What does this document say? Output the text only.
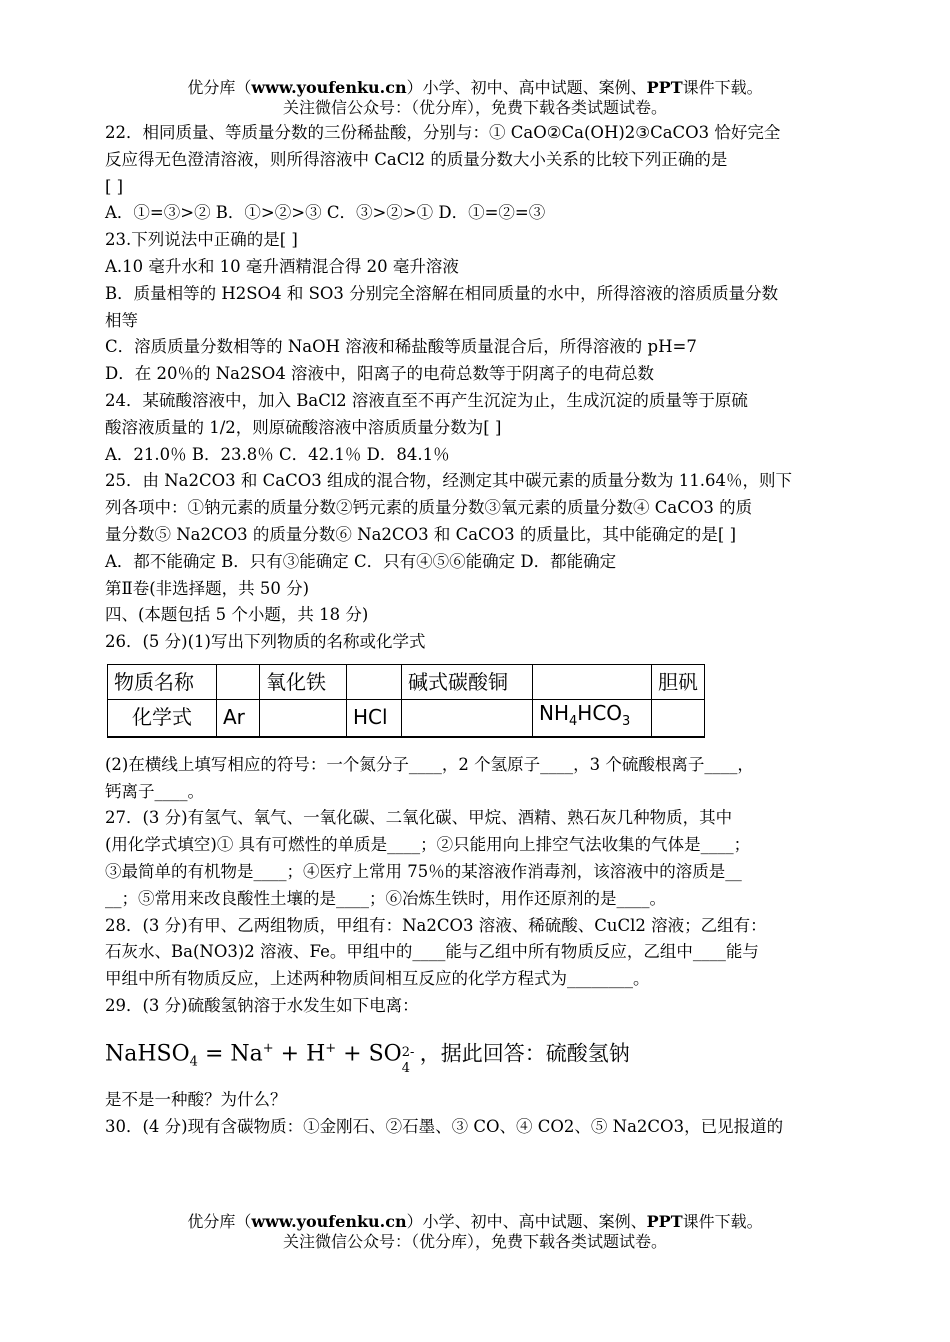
优分库（www.youfenku.cn）小学、初中、高中试题、案例、PPT课件下载。
关注微信公众号：（优分库），免费下载各类试题试卷。

22．相同质量、等质量分数的三份稀盐酸，分别与：① CaO②Ca(OH)2③CaCO3 恰好完全

反应得无色澄清溶液，则所得溶液中 CaCl2 的质量分数大小关系的比较下列正确的是

[ ]

A．①=③>② B．①>②>③ C．③>②>① D．①=②=③

23.下列说法中正确的是[ ]

A.10 毫升水和 10 毫升酒精混合得 20 毫升溶液

B．质量相等的 H2SO4 和 SO3 分别完全溶解在相同质量的水中，所得溶液的溶质质量分数

相等

C．溶质质量分数相等的 NaOH 溶液和稀盐酸等质量混合后，所得溶液的 pH=7

D．在 20％的 Na2SO4 溶液中，阳离子的电荷总数等于阴离子的电荷总数

24．某硫酸溶液中，加入 BaCl2 溶液直至不再产生沉淀为止，生成沉淀的质量等于原硫

酸溶液质量的 1/2，则原硫酸溶液中溶质质量分数为[ ]

A．21.0％ B．23.8％ C．42.1％ D．84.1％

25．由 Na2CO3 和 CaCO3 组成的混合物，经测定其中碳元素的质量分数为 11.64％，则下

列各项中：①钠元素的质量分数②钙元素的质量分数③氧元素的质量分数④ CaCO3 的质

量分数⑤ Na2CO3 的质量分数⑥ Na2CO3 和 CaCO3 的质量比，其中能确定的是[ ]

A．都不能确定 B．只有③能确定 C．只有④⑤⑥能确定 D．都能确定

第Ⅱ卷(非选择题，共 50 分)

四、(本题包括 5 个小题，共 18 分)

26．(5 分)(1)写出下列物质的名称或化学式

物质名称		氧化铁		碱式碳酸铜		胆矾
化学式	Ar		HCl		$NH_4HCO_3$	

(2)在横线上填写相应的符号：一个氮分子____，2 个氢原子____，3 个硫酸根离子____，

钙离子____。

27．(3 分)有氢气、氧气、一氧化碳、二氧化碳、甲烷、酒精、熟石灰几种物质，其中

(用化学式填空)① 具有可燃性的单质是____；②只能用向上排空气法收集的气体是____；

③最简单的有机物是____；④医疗上常用 75％的某溶液作消毒剂，该溶液中的溶质是__

__；⑤常用来改良酸性土壤的是____；⑥冶炼生铁时，用作还原剂的是____。

28．(3 分)有甲、乙两组物质，甲组有：Na2CO3 溶液、稀硫酸、CuCl2 溶液；乙组有：

石灰水、Ba(NO3)2 溶液、Fe。甲组中的____能与乙组中所有物质反应，乙组中____能与

甲组中所有物质反应，上述两种物质间相互反应的化学方程式为________。

29．(3 分)硫酸氢钠溶于水发生如下电离：

NaHSO$_4$ = Na+ + H+ + SO 2-
4
，据此回答：硫酸氢钠

是不是一种酸？为什么？

30．(4 分)现有含碳物质：①金刚石、②石墨、③ CO、④ CO2、⑤ Na2CO3，已见报道的

优分库（www.youfenku.cn）小学、初中、高中试题、案例、PPT课件下载。
关注微信公众号：（优分库），免费下载各类试题试卷。
